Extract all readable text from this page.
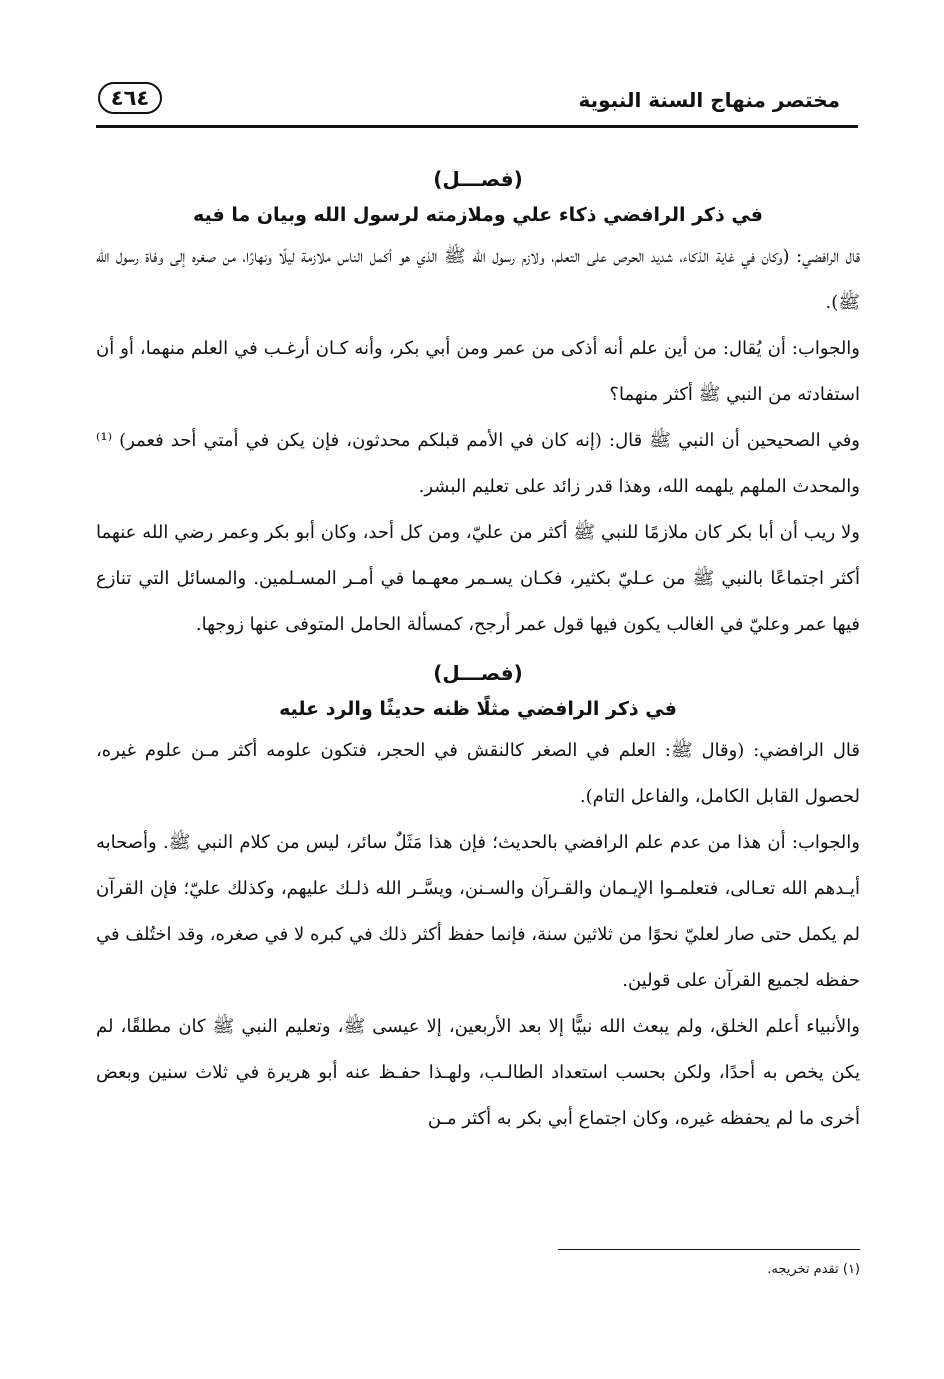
٤٦٤	مختصر منهاج السنة النبوية

(فصـــل)

في ذكر الرافضي ذكاء علي وملازمته لرسول الله وبيان ما فيه

قال الرافضي: (وكان في غاية الذكاء، شديد الحرص على التعلم، ولازم رسول الله ﷺ الذي هو أكمل الناس ملازمة ليلًا ونهارًا، من صغره إلى وفاة رسول الله ﷺ).

والجواب: أن يُقال: من أين علم أنه أذكى من عمر ومن أبي بكر، وأنه كـان أرغـب في العلم منهما، أو أن استفادته من النبي ﷺ أكثر منهما؟

وفي الصحيحين أن النبي ﷺ قال: (إنه كان في الأمم قبلكم محدثون، فإن يكن في أمتي أحد فعمر) ⁽¹⁾ والمحدث الملهم يلهمه الله، وهذا قدر زائد على تعليم البشر.

ولا ريب أن أبا بكر كان ملازمًا للنبي ﷺ أكثر من عليّ، ومن كل أحد، وكان أبو بكر وعمر رضي الله عنهما أكثر اجتماعًا بالنبي ﷺ من عـليّ بكثير، فكـان يسـمر معهـما في أمـر المسـلمين. والمسائل التي تنازع فيها عمر وعليّ في الغالب يكون فيها قول عمر أرجح، كمسألة الحامل المتوفى عنها زوجها.

(فصـــل)

في ذكر الرافضي مثلًا ظنه حديثًا والرد عليه

قال الرافضي: (وقال ﷺ: العلم في الصغر كالنقش في الحجر، فتكون علومه أكثر مـن علوم غيره، لحصول القابل الكامل، والفاعل التام).

والجواب: أن هذا من عدم علم الرافضي بالحديث؛ فإن هذا مَثَلٌ سائر، ليس من كلام النبي ﷺ. وأصحابه أيـدهم الله تعـالى، فتعلمـوا الإيـمان والقـرآن والسـنن، ويسَّـر الله ذلـك عليهم، وكذلك عليّ؛ فإن القرآن لم يكمل حتى صار لعليّ نحوًا من ثلاثين سنة، فإنما حفظ أكثر ذلك في كبره لا في صغره، وقد اختُلف في حفظه لجميع القرآن على قولين.

والأنبياء أعلم الخلق، ولم يبعث الله نبيًّا إلا بعد الأربعين، إلا عيسى ﷺ، وتعليم النبي ﷺ كان مطلقًا، لم يكن يخص به أحدًا، ولكن بحسب استعداد الطالـب، ولهـذا حفـظ عنه أبو هريرة في ثلاث سنين وبعض أخرى ما لم يحفظه غيره، وكان اجتماع أبي بكر به أكثر مـن

(١) تقدم تخريجه.
